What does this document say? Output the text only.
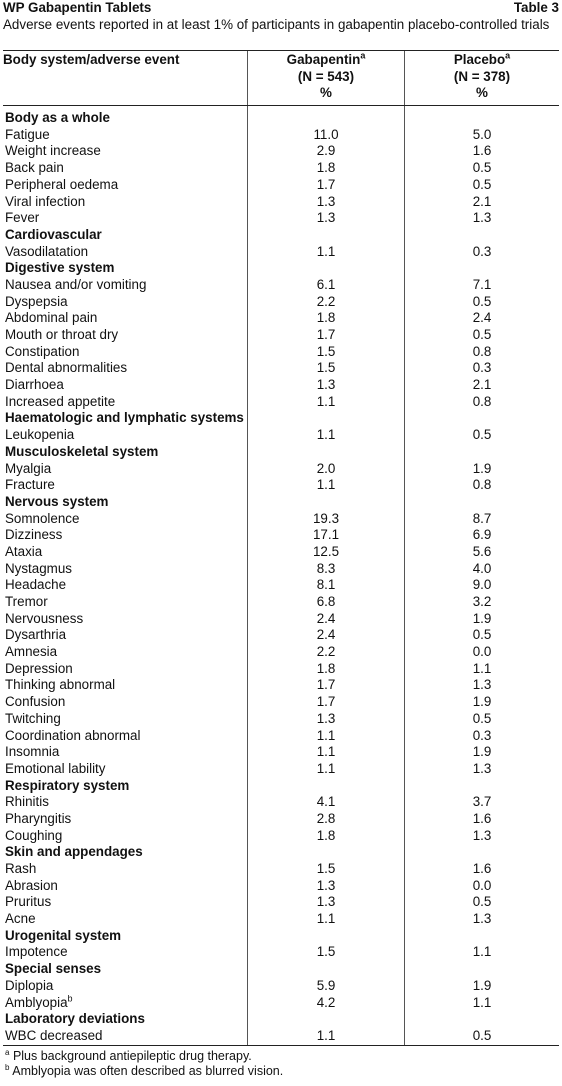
WP Gabapentin Tablets	Table 3
Adverse events reported in at least 1% of participants in gabapentin placebo-controlled trials
Body system/adverse event	Gabapentin$^a$
(N = 543)
%
Placebo$^a$
(N = 378)
%
Body as a whole
Fatigue
Weight increase
Back pain
Peripheral oedema
Viral infection
Fever
Cardiovascular
Vasodilatation
Digestive system
Nausea and/or vomiting
Dyspepsia
Abdominal pain
Mouth or throat dry
Constipation
Dental abnormalities
Diarrhoea
Increased appetite
Haematologic and lymphatic systems
Leukopenia
Musculoskeletal system
Myalgia
Fracture
Nervous system
Somnolence
Dizziness
Ataxia
Nystagmus
Headache
Tremor
Nervousness
Dysarthria
Amnesia
Depression
Thinking abnormal
Confusion
Twitching
Coordination abnormal
Insomnia
Emotional lability
Respiratory system
Rhinitis
Pharyngitis
Coughing
Skin and appendages
Rash
Abrasion
Pruritus
Acne
Urogenital system
Impotence
Special senses
Diplopia
Amblyopia$^b$
Laboratory deviations
WBC decreased
11.0
2.9
1.8
1.7
1.3
1.3
1.1
6.1
2.2
1.8
1.7
1.5
1.5
1.3
1.1
1.1
2.0
1.1
19.3
17.1
12.5
8.3
8.1
6.8
2.4
2.4
2.2
1.8
1.7
1.7
1.3
1.1
1.1
1.1
4.1
2.8
1.8
1.5
1.3
1.3
1.1
1.5
5.9
4.2
1.1
5.0
1.6
0.5
0.5
2.1
1.3
0.3
7.1
0.5
2.4
0.5
0.8
0.3
2.1
0.8
0.5
1.9
0.8
8.7
6.9
5.6
4.0
9.0
3.2
1.9
0.5
0.0
1.1
1.3
1.9
0.5
0.3
1.9
1.3
3.7
1.6
1.3
1.6
0.0
0.5
1.3
1.1
1.9
1.1
0.5
$^a$ Plus background antiepileptic drug therapy.
$^b$ Amblyopia was often described as blurred vision.
